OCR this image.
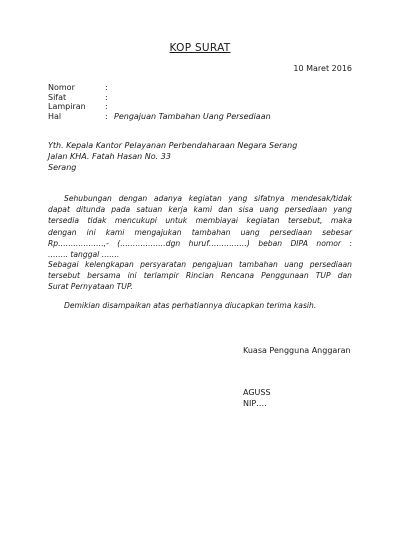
KOP SURAT
10 Maret 2016
Nomor	:
Sifat	:
Lampiran	:
Hal	: Pengajuan Tambahan Uang Persediaan
Yth. Kepala Kantor Pelayanan Perbendaharaan Negara Serang
Jalan KHA. Fatah Hasan No. 33
Serang
Sehubungan dengan adanya kegiatan yang sifatnya mendesak/tidak
dapat ditunda pada satuan kerja kami dan sisa uang persediaan yang
tersedia tidak mencukupi untuk membiayai kegiatan tersebut, maka
dengan ini kami mengajukan tambahan uang persediaan sebesar
Rp………………,- (………………dgn huruf……………) beban DIPA nomor :
…….. tanggal …….
Sebagai kelengkapan persyaratan pengajuan tambahan uang persediaan
tersebut bersama ini terlampir Rincian Rencana Penggunaan TUP dan
Surat Pernyataan TUP.
Demikian disampaikan atas perhatiannya diucapkan terima kasih.
Kuasa Pengguna Anggaran
AGUSS
NIP….
